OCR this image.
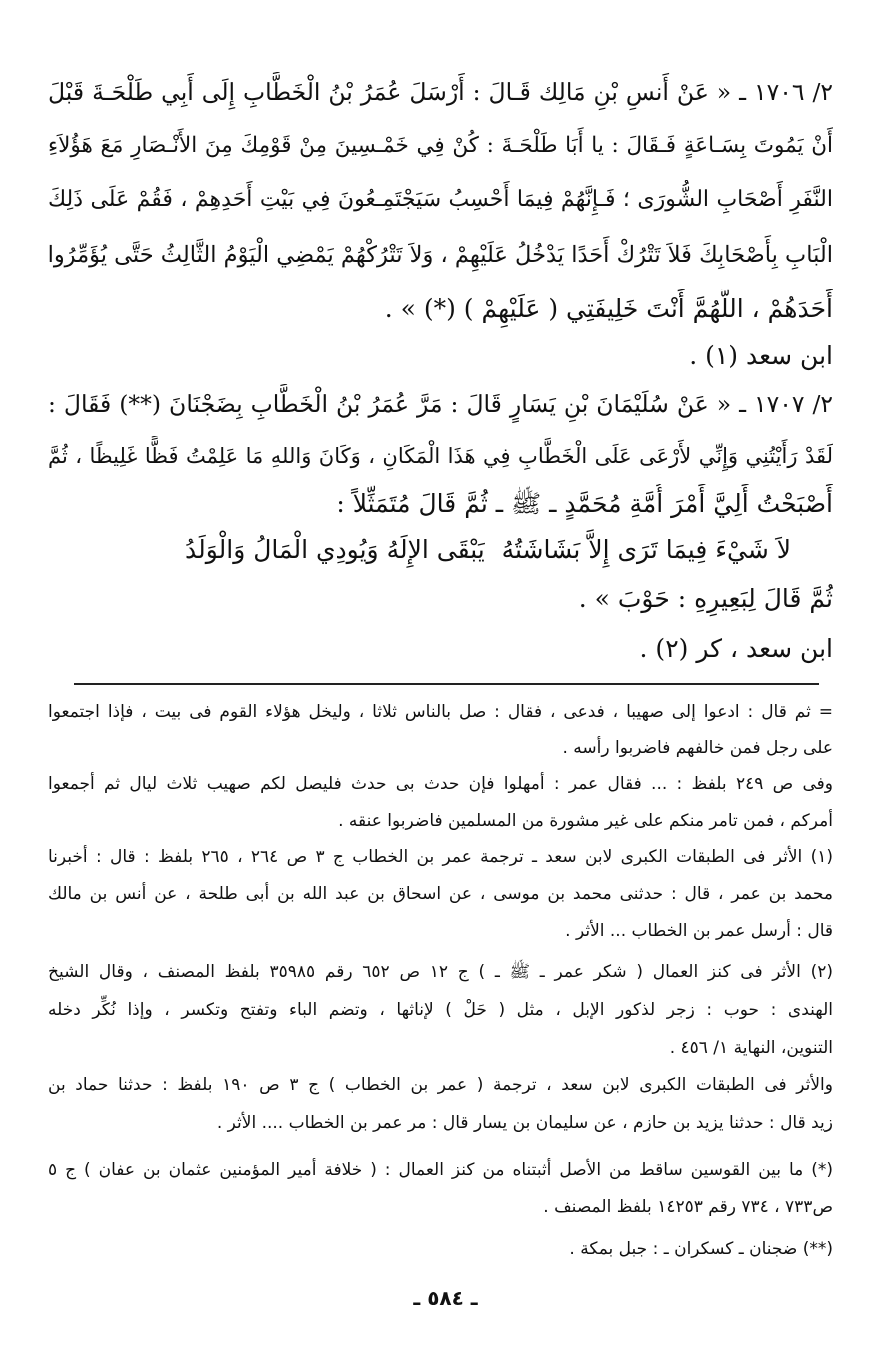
٢/ ١٧٠٦ ـ « عَنْ أَنسِ بْنِ مَالِك قَـالَ : أَرْسَلَ عُمَرُ بْنُ الْخَطَّابِ إِلَى أَبِي طَلْحَـةَ قَبْلَ
أَنْ يَمُوتَ بِسَـاعَةٍ فَـقَالَ : يا أَبَا طَلْحَـةَ : كُنْ فِي خَمْـسِينَ مِنْ قَوْمِكَ مِنَ الأَنْـصَارِ مَعَ هَؤُلاَءِ
النَّفَرِ أَصْحَابِ الشُّورَى ؛ فَـإِنَّهُمْ فِيمَا أَحْسِبُ سَيَجْتَمِـعُونَ فِي بَيْتِ أَحَدِهِمْ ، فَقُمْ عَلَى ذَلِكَ
الْبَابِ بِأَصْحَابِكَ فَلاَ تَتْرُكْ أَحَدًا يَدْخُلُ عَلَيْهِمْ ، وَلاَ تَتْرُكْهُمْ يَمْضِي الْيَوْمُ الثَّالِثُ حَتَّى يُؤَمِّرُوا
أَحَدَهُمْ ، اللَّهُمَّ أَنْتَ خَلِيفَتِي ( عَلَيْهِمْ ) (*) » .
ابن سعد (١) .
٢/ ١٧٠٧ ـ « عَنْ سُلَيْمَانَ بْنِ يَسَارٍ قَالَ : مَرَّ عُمَرُ بْنُ الْخَطَّابِ بِضَجْنَانَ (**) فَقَالَ :
لَقَدْ رَأَيْتُنِي وَإِنِّي لأَرْعَى عَلَى الْخَطَّابِ فِي هَذَا الْمَكَانِ ، وَكَانَ وَاللهِ مَا عَلِمْتُ فَظًّا غَلِيظًا ، ثُمَّ
أَصْبَحْتُ أَلِيَّ أَمْرَ أُمَّةِ مُحَمَّدٍ ـ ﷺ ـ ثُمَّ قَالَ مُتَمَثِّلاً :
لاَ شَيْءَ فِيمَا تَرَى إِلاَّ بَشَاشَتُهُ
يَبْقَى الإِلَهُ وَيُودِي الْمَالُ وَالْوَلَدُ
ثُمَّ قَالَ لِبَعِيرِهِ : حَوْبَ » .
ابن سعد ، كر (٢) .
= ثم قال : ادعوا إلى صهيبا ، فدعى ، فقال : صل بالناس ثلاثا ، وليخل هؤلاء القوم فى بيت ، فإذا اجتمعوا
على رجل فمن خالفهم فاضربوا رأسه .
وفى ص ٢٤٩ بلفظ : ... فقال عمر : أمهلوا فإن حدث بى حدث فليصل لكم صهيب ثلاث ليال ثم أجمعوا
أمركم ، فمن تامر منكم على غير مشورة من المسلمين فاضربوا عنقه .
(١) الأثر فى الطبقات الكبرى لابن سعد ـ ترجمة عمر بن الخطاب ج ٣ ص ٢٦٤ ، ٢٦٥ بلفظ : قال : أخبرنا
محمد بن عمر ، قال : حدثنى محمد بن موسى ، عن اسحاق بن عبد الله بن أبى طلحة ، عن أنس بن مالك
قال : أرسل عمر بن الخطاب ... الأثر .
(٢) الأثر فى كنز العمال ( شكر عمر ـ ﷺ ـ ) ج ١٢ ص ٦٥٢ رقم ٣٥٩٨٥ بلفظ المصنف ، وقال الشيخ
الهندى : حوب : زجر لذكور الإبل ، مثل ( حَلْ ) لإناثها ، وتضم الباء وتفتح وتكسر ، وإذا نُكِّر دخله
التنوين، النهاية ١/ ٤٥٦ .
والأثر فى الطبقات الكبرى لابن سعد ، ترجمة ( عمر بن الخطاب ) ج ٣ ص ١٩٠ بلفظ : حدثنا حماد بن
زيد قال : حدثنا يزيد بن حازم ، عن سليمان بن يسار قال : مر عمر بن الخطاب .... الأثر .
(*) ما بين القوسين ساقط من الأصل أثبتناه من كنز العمال : ( خلافة أمير المؤمنين عثمان بن عفان ) ج ٥
ص٧٣٣ ، ٧٣٤ رقم ١٤٢٥٣ بلفظ المصنف .
(**) ضجنان ـ كسكران ـ : جبل بمكة .
ـ ٥٨٤ ـ
